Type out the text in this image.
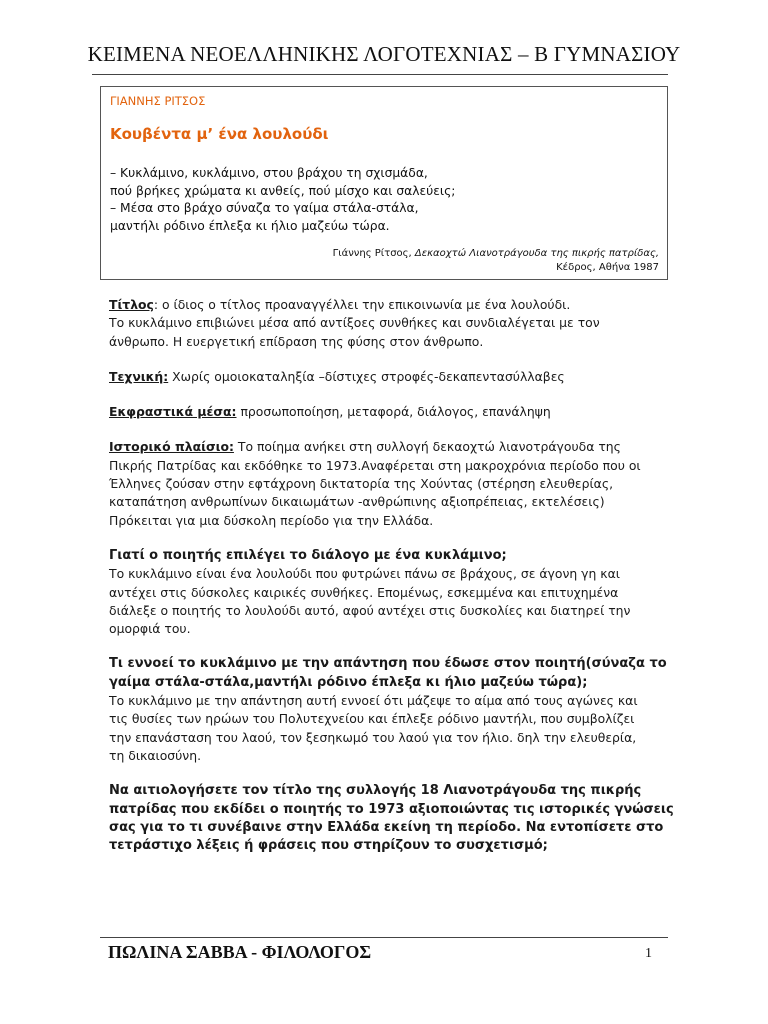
ΚΕΙΜΕΝΑ ΝΕΟΕΛΛΗΝΙΚΗΣ ΛΟΓΟΤΕΧΝΙΑΣ – Β ΓΥΜΝΑΣΙΟΥ
ΓΙΑΝΝΗΣ ΡΙΤΣΟΣ
Κουβέντα μ’ ένα λουλούδι
– Κυκλάμινο, κυκλάμινο, στου βράχου τη σχισμάδα,
πού βρήκες χρώματα κι ανθείς, πού μίσχο και σαλεύεις;
– Μέσα στο βράχο σύναζα το γαίμα στάλα-στάλα,
μαντήλι ρόδινο έπλεξα κι ήλιο μαζεύω τώρα.
Γιάννης Ρίτσος, Δεκαοχτώ Λιανοτράγουδα της πικρής πατρίδας,
Κέδρος, Αθήνα 1987
Τίτλος: ο ίδιος ο τίτλος προαναγγέλλει την επικοινωνία με ένα λουλούδι.
Το κυκλάμινο επιβιώνει μέσα από αντίξοες συνθήκες και συνδιαλέγεται με τον
άνθρωπο. Η ευεργετική επίδραση της φύσης στον άνθρωπο.
Τεχνική: Χωρίς ομοιοκαταληξία –δίστιχες στροφές-δεκαπεντασύλλαβες
Εκφραστικά μέσα: προσωποποίηση, μεταφορά, διάλογος, επανάληψη
Ιστορικό πλαίσιο: Το ποίημα ανήκει στη συλλογή δεκαοχτώ λιανοτράγουδα της
Πικρής Πατρίδας και εκδόθηκε το 1973.Αναφέρεται στη μακροχρόνια περίοδο που οι
Έλληνες ζούσαν στην εφτάχρονη δικτατορία της Χούντας (στέρηση ελευθερίας,
καταπάτηση ανθρωπίνων δικαιωμάτων -ανθρώπινης αξιοπρέπειας, εκτελέσεις)
Πρόκειται για μια δύσκολη περίοδο για την Ελλάδα.
Γιατί ο ποιητής επιλέγει το διάλογο με ένα κυκλάμινο;
Το κυκλάμινο είναι ένα λουλούδι που φυτρώνει πάνω σε βράχους, σε άγονη γη και
αντέχει στις δύσκολες καιρικές συνθήκες. Επομένως, εσκεμμένα και επιτυχημένα
διάλεξε ο ποιητής το λουλούδι αυτό, αφού αντέχει στις δυσκολίες και διατηρεί την
ομορφιά του.
Τι εννοεί το κυκλάμινο με την απάντηση που έδωσε στον ποιητή(σύναζα το
γαίμα στάλα-στάλα,μαντήλι ρόδινο έπλεξα κι ήλιο μαζεύω τώρα);
Το κυκλάμινο με την απάντηση αυτή εννοεί ότι μάζεψε το αίμα από τους αγώνες και
τις θυσίες των ηρώων του Πολυτεχνείου και έπλεξε ρόδινο μαντήλι, που συμβολίζει
την επανάσταση του λαού, τον ξεσηκωμό του λαού για τον ήλιο. δηλ την ελευθερία,
τη δικαιοσύνη.
Να αιτιολογήσετε τον τίτλο της συλλογής 18 Λιανοτράγουδα της πικρής
πατρίδας που εκδίδει ο ποιητής το 1973 αξιοποιώντας τις ιστορικές γνώσεις
σας για το τι συνέβαινε στην Ελλάδα εκείνη τη περίοδο. Να εντοπίσετε στο
τετράστιχο λέξεις ή φράσεις που στηρίζουν το συσχετισμό;
ΠΩΛΙΝΑ ΣΑΒΒΑ - ΦΙΛΟΛΟΓΟΣ	1
